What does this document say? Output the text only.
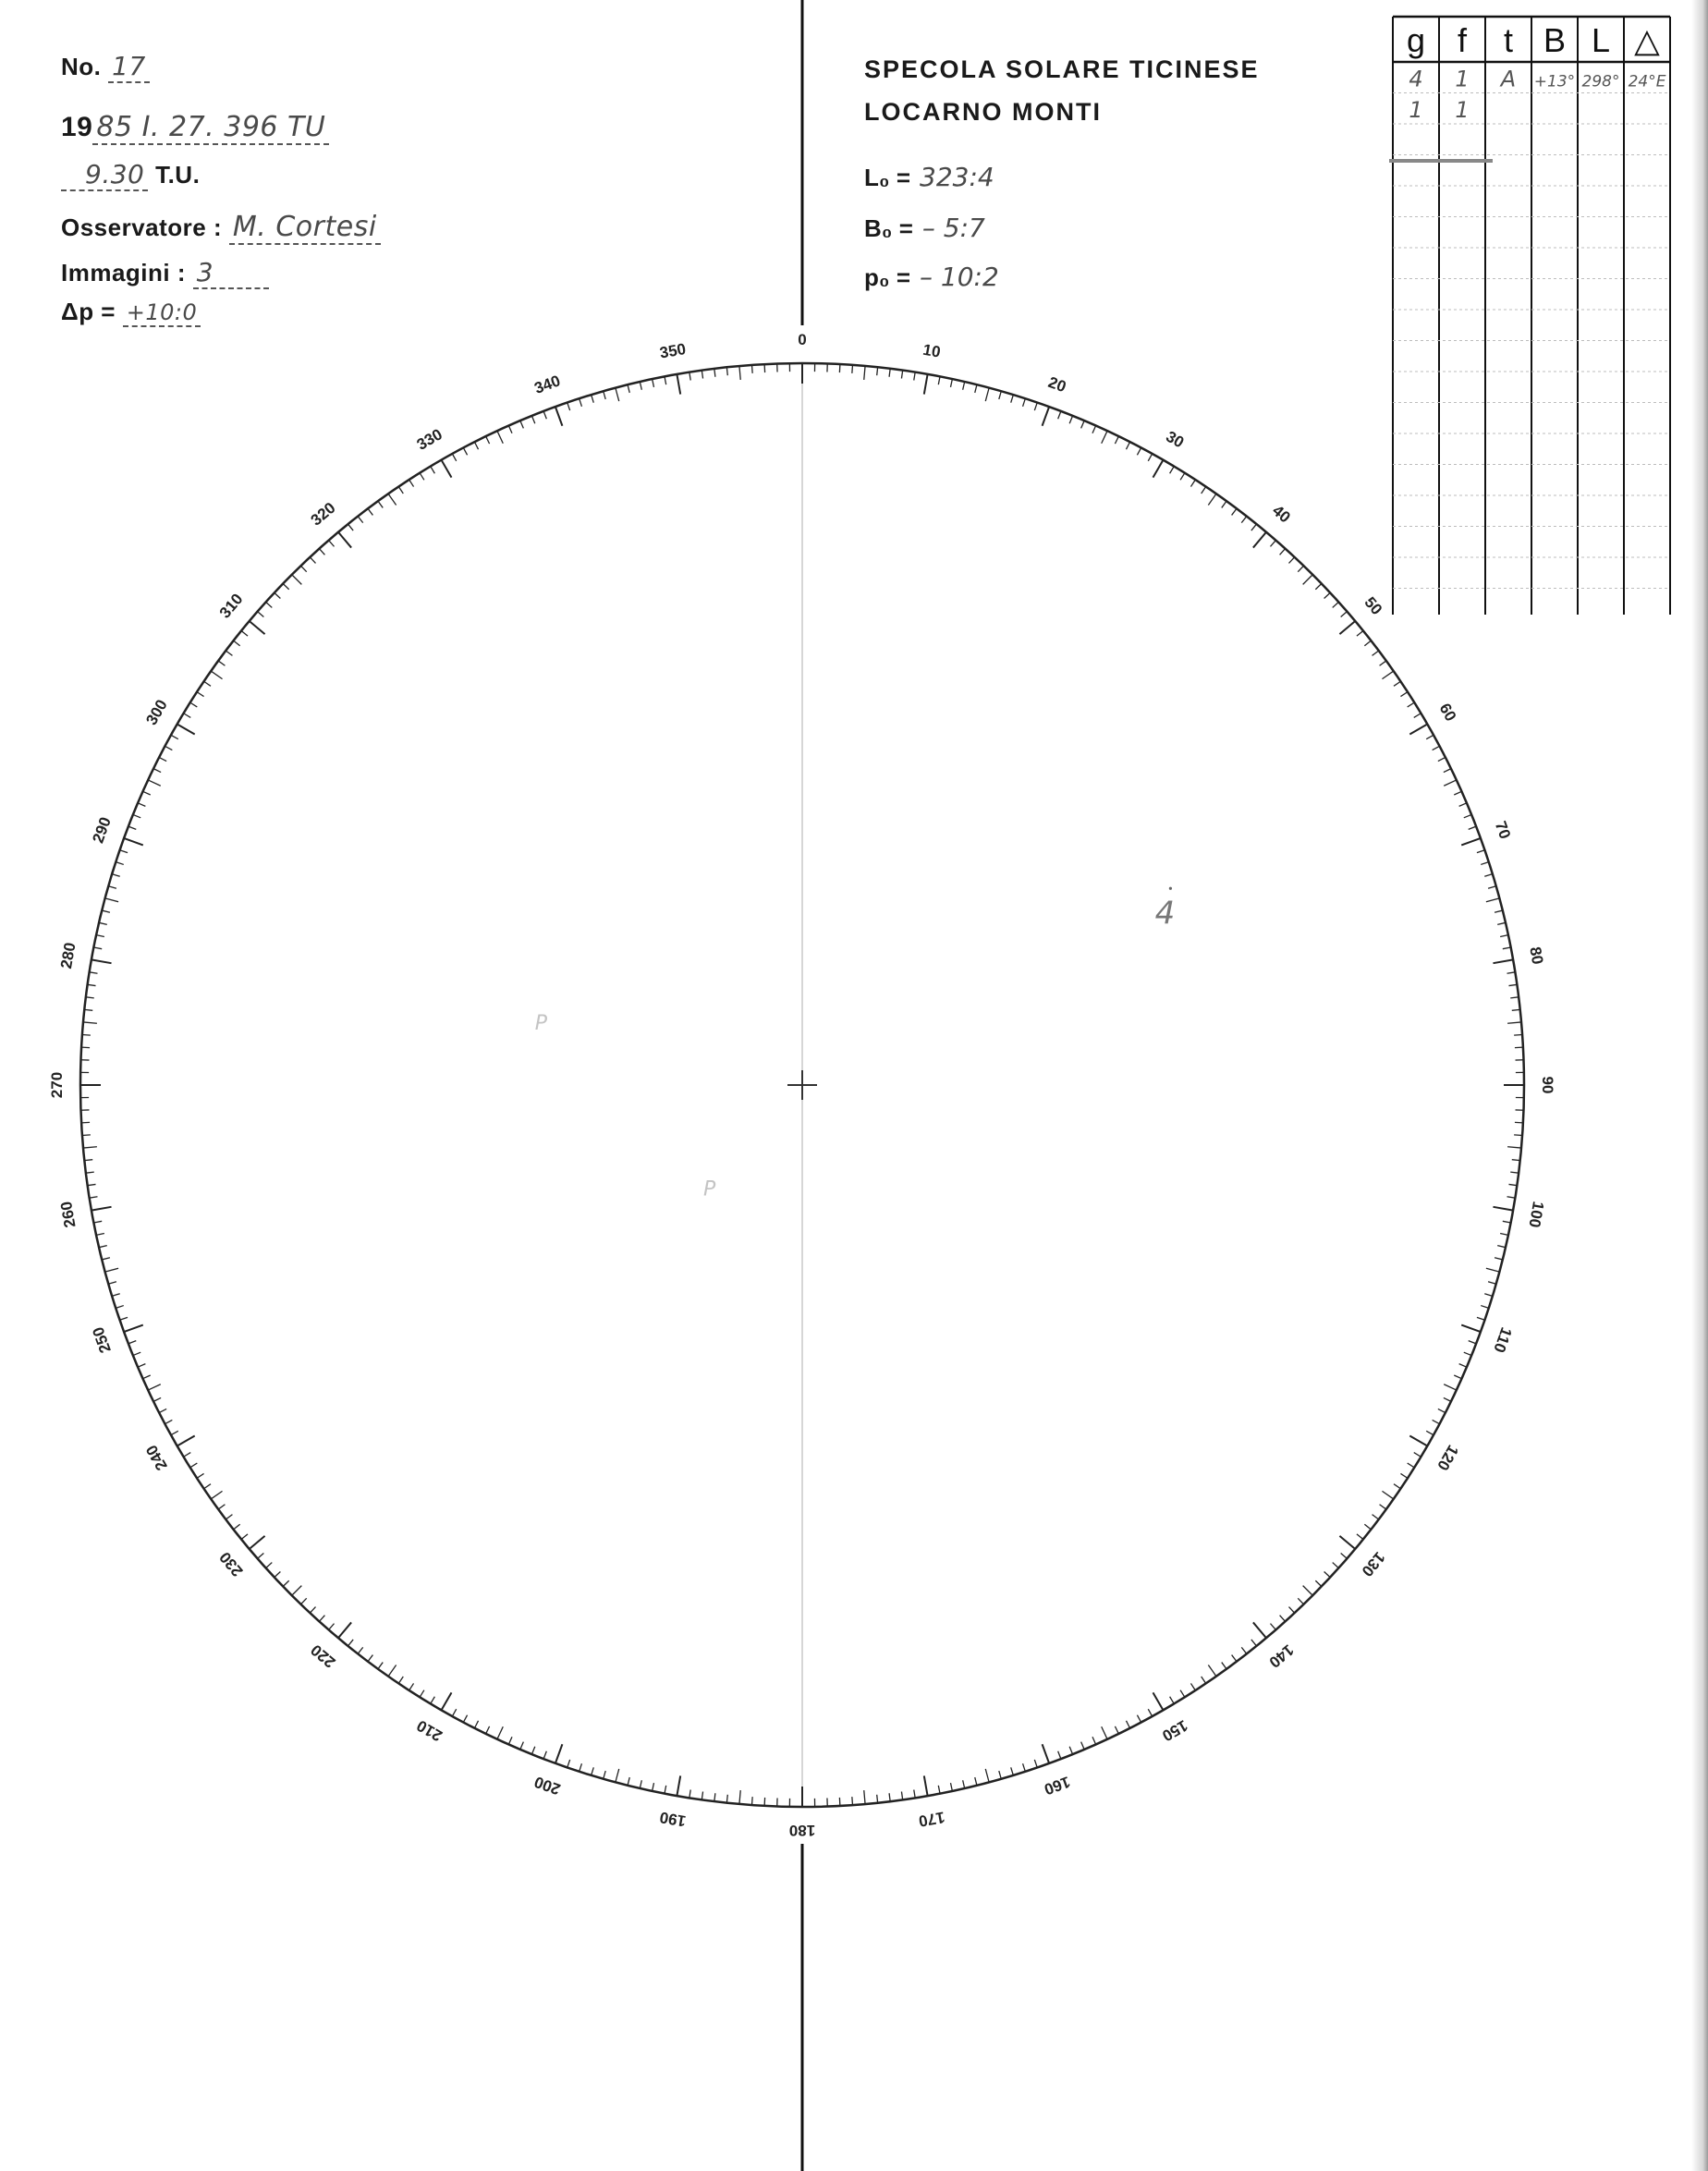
No. 17
19 85 I. 27. 396 TU
9.30 T.U.
Osservatore : M. Cortesi
Immagini : 3
Δp = +10:0
SPECOLA SOLARE TICINESE
LOCARNO MONTI
L₀ = 323:4
B₀ = – 5:7
p₀ = – 10:2
g f t B L △
4 1 A +13° 298° 24°E
1 1
0
10
20
30
40
50
60
70
80
90
100
110
120
130
140
150
160
170
180
190
200
210
220
230
240
250
260
270
280
290
300
310
320
330
340
350
4
P
P
